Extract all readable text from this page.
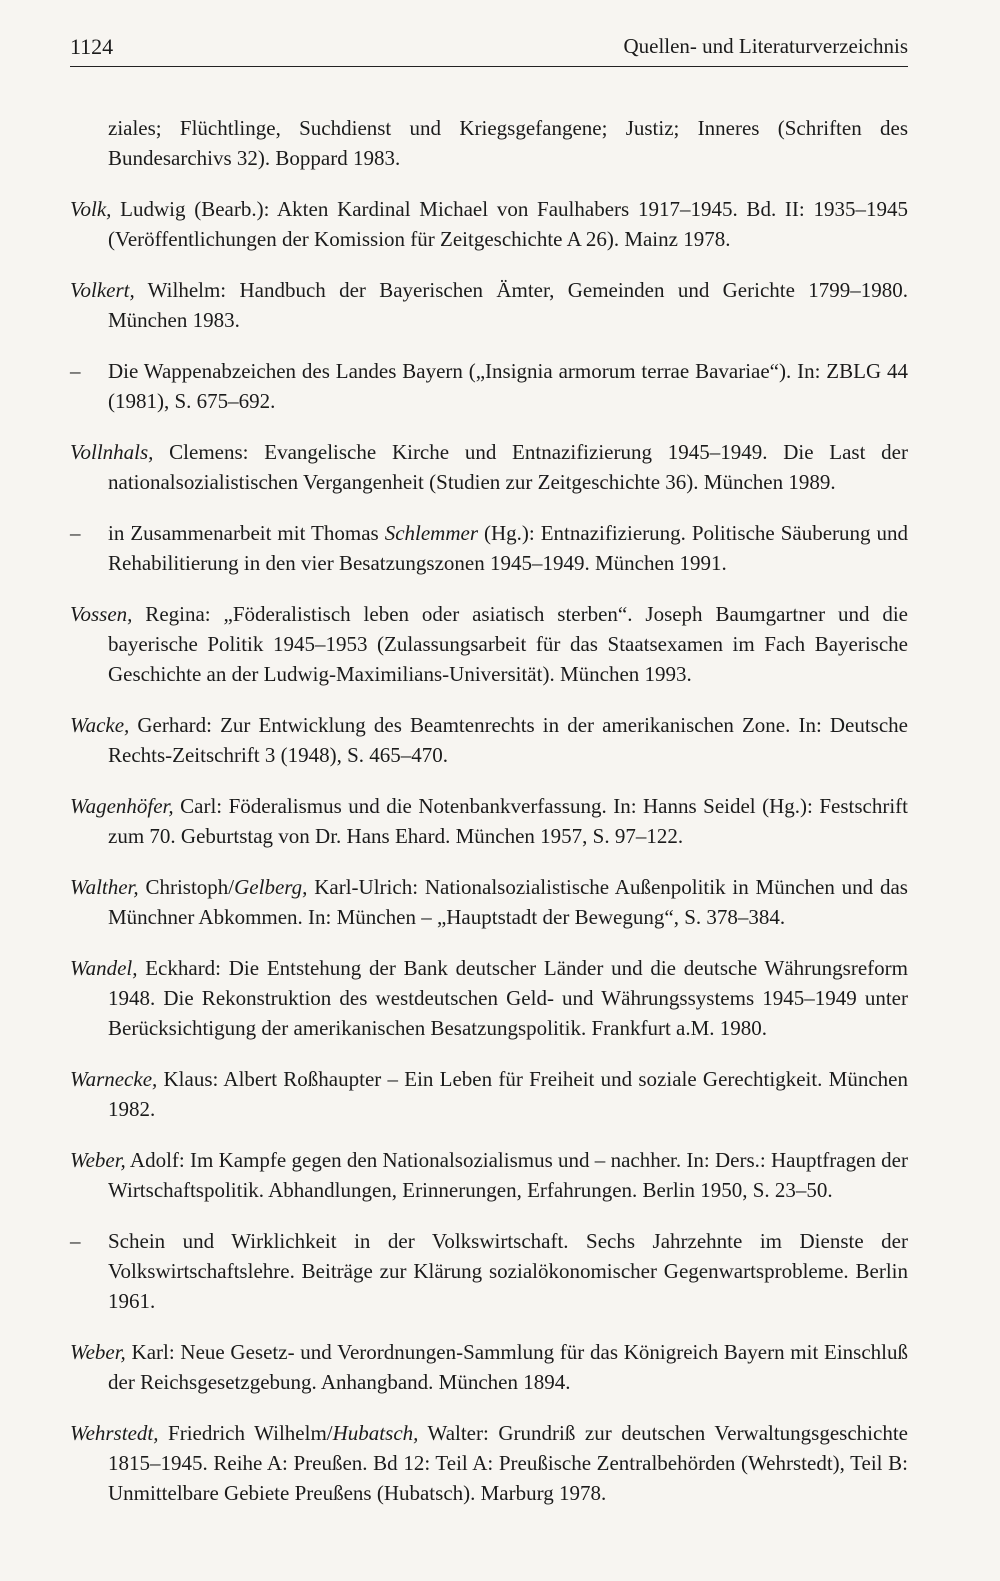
1124	Quellen- und Literaturverzeichnis

ziales; Flüchtlinge, Suchdienst und Kriegsgefangene; Justiz; Inneres (Schriften des Bundesarchivs 32). Boppard 1983.

Volk, Ludwig (Bearb.): Akten Kardinal Michael von Faulhabers 1917–1945. Bd. II: 1935–1945 (Veröffentlichungen der Komission für Zeitgeschichte A 26). Mainz 1978.

Volkert, Wilhelm: Handbuch der Bayerischen Ämter, Gemeinden und Gerichte 1799–1980. München 1983.

– Die Wappenabzeichen des Landes Bayern („Insignia armorum terrae Bavariae“). In: ZBLG 44 (1981), S. 675–692.

Vollnhals, Clemens: Evangelische Kirche und Entnazifizierung 1945–1949. Die Last der nationalsozialistischen Vergangenheit (Studien zur Zeitgeschichte 36). München 1989.

– in Zusammenarbeit mit Thomas Schlemmer (Hg.): Entnazifizierung. Politische Säuberung und Rehabilitierung in den vier Besatzungszonen 1945–1949. München 1991.

Vossen, Regina: „Föderalistisch leben oder asiatisch sterben“. Joseph Baumgartner und die bayerische Politik 1945–1953 (Zulassungsarbeit für das Staatsexamen im Fach Bayerische Geschichte an der Ludwig-Maximilians-Universität). München 1993.

Wacke, Gerhard: Zur Entwicklung des Beamtenrechts in der amerikanischen Zone. In: Deutsche Rechts-Zeitschrift 3 (1948), S. 465–470.

Wagenhöfer, Carl: Föderalismus und die Notenbankverfassung. In: Hanns Seidel (Hg.): Festschrift zum 70. Geburtstag von Dr. Hans Ehard. München 1957, S. 97–122.

Walther, Christoph/Gelberg, Karl-Ulrich: Nationalsozialistische Außenpolitik in München und das Münchner Abkommen. In: München – „Hauptstadt der Bewegung“, S. 378–384.

Wandel, Eckhard: Die Entstehung der Bank deutscher Länder und die deutsche Währungsreform 1948. Die Rekonstruktion des westdeutschen Geld- und Währungssystems 1945–1949 unter Berücksichtigung der amerikanischen Besatzungspolitik. Frankfurt a.M. 1980.

Warnecke, Klaus: Albert Roßhaupter – Ein Leben für Freiheit und soziale Gerechtigkeit. München 1982.

Weber, Adolf: Im Kampfe gegen den Nationalsozialismus und – nachher. In: Ders.: Hauptfragen der Wirtschaftspolitik. Abhandlungen, Erinnerungen, Erfahrungen. Berlin 1950, S. 23–50.

– Schein und Wirklichkeit in der Volkswirtschaft. Sechs Jahrzehnte im Dienste der Volkswirtschaftslehre. Beiträge zur Klärung sozialökonomischer Gegenwartsprobleme. Berlin 1961.

Weber, Karl: Neue Gesetz- und Verordnungen-Sammlung für das Königreich Bayern mit Einschluß der Reichsgesetzgebung. Anhangband. München 1894.

Wehrstedt, Friedrich Wilhelm/Hubatsch, Walter: Grundriß zur deutschen Verwaltungsgeschichte 1815–1945. Reihe A: Preußen. Bd 12: Teil A: Preußische Zentralbehörden (Wehrstedt), Teil B: Unmittelbare Gebiete Preußens (Hubatsch). Marburg 1978.
